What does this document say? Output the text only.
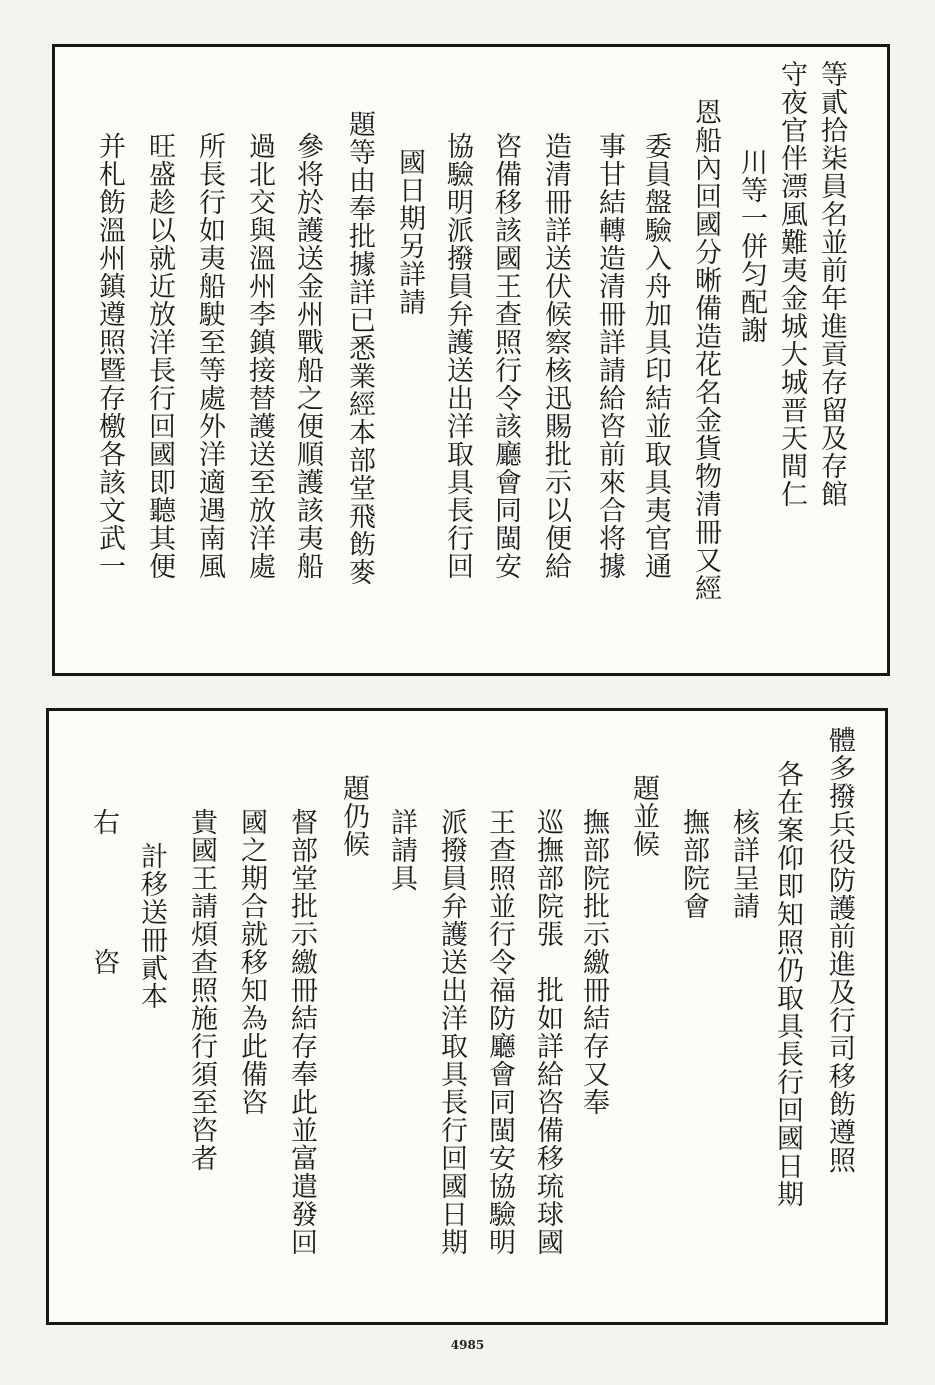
等貳拾柒員名並前年進貢存留及存館
守夜官伴漂風難夷金城大城晋天間仁
川等一併匀配謝
恩船內回國分晰備造花名金貨物清冊又經
委員盤驗入舟加具印結並取具夷官通
事甘結轉造清冊詳請給咨前來合将據
造清冊詳送伏候察核迅賜批示以便給
咨備移該國王查照行令該廳會同閩安
協驗明派撥員弁護送出洋取具長行回
國日期另詳請
題等由奉批據詳已悉業經本部堂飛飭麥
參将於護送金州戰船之便順護該夷船
過北交與溫州李鎮接替護送至放洋處
所長行如夷船駛至等處外洋適遇南風
旺盛趁以就近放洋長行回國即聽其便
并札飭溫州鎮遵照暨存檄各該文武一
體多撥兵役防護前進及行司移飭遵照
各在案仰即知照仍取具長行回國日期
核詳呈請
撫部院會
題並候
撫部院批示繳冊結存又奉
巡撫部院張　批如詳給咨備移琉球國
王查照並行令福防廳會同閩安協驗明
派撥員弁護送出洋取具長行回國日期
詳請具
題仍候
督部堂批示繳冊結存奉此並富遣發回
國之期合就移知為此備咨
貴國王請煩查照施行須至咨者
計移送冊貳本
右　　　　咨
4985
